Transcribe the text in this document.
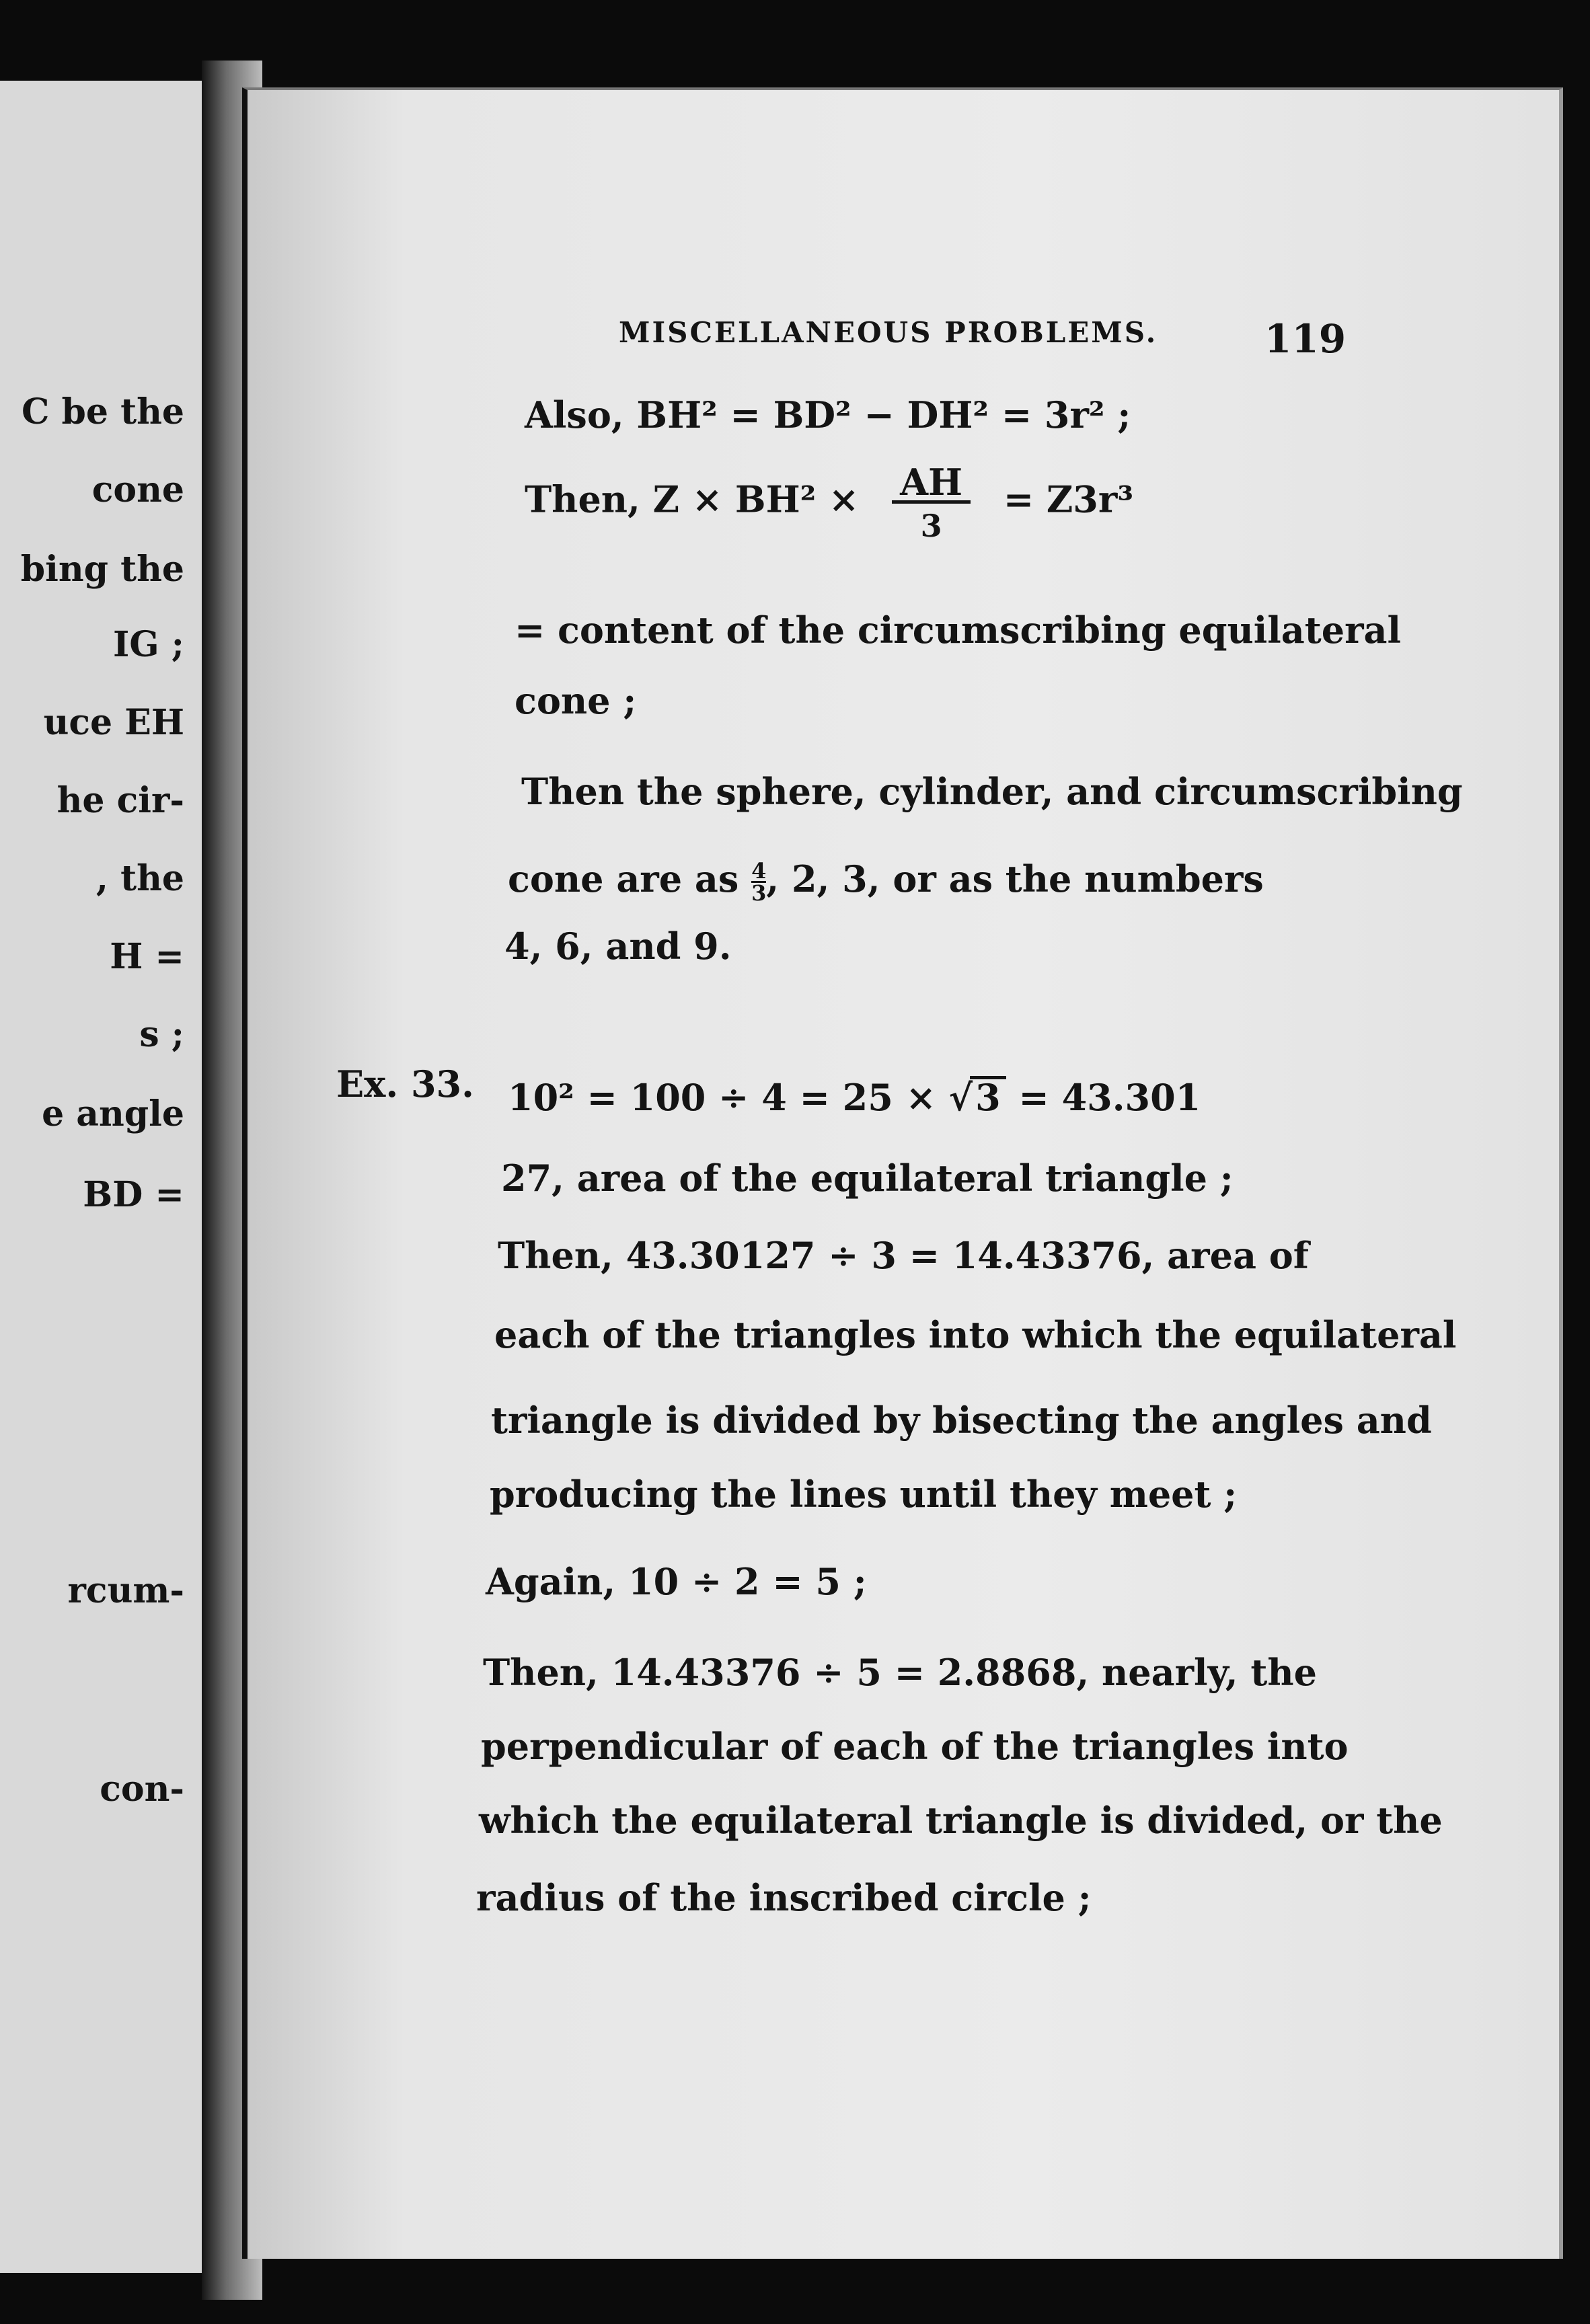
C be the
cone
bing the
IG ;
uce EH
he cir-
, the
H =
s ;
e angle
BD =
rcum-
con-
MISCELLANEOUS PROBLEMS.	119
Also, BH² = BD² − DH² = 3r² ;
Then, $Z \times BH^2 \times \frac{AH}{3} = Z3r^3$
= content of the circumscribing equilateral
cone ;
Then the sphere, cylinder, and circumscribing
cone are as $\frac{4}{3}$ , 2, 3, or as the numbers
4, 6, and 9.
Ex. 33. 10² = 100 ÷ 4 = 25 × √3 = 43.301
27, area of the equilateral triangle ;
Then, 43.30127 ÷ 3 = 14.43376, area of
each of the triangles into which the equilateral
triangle is divided by bisecting the angles and
producing the lines until they meet ;
Again, 10 ÷ 2 = 5 ;
Then, 14.43376 ÷ 5 = 2.8868, nearly, the
perpendicular of each of the triangles into
which the equilateral triangle is divided, or the
radius of the inscribed circle ;
